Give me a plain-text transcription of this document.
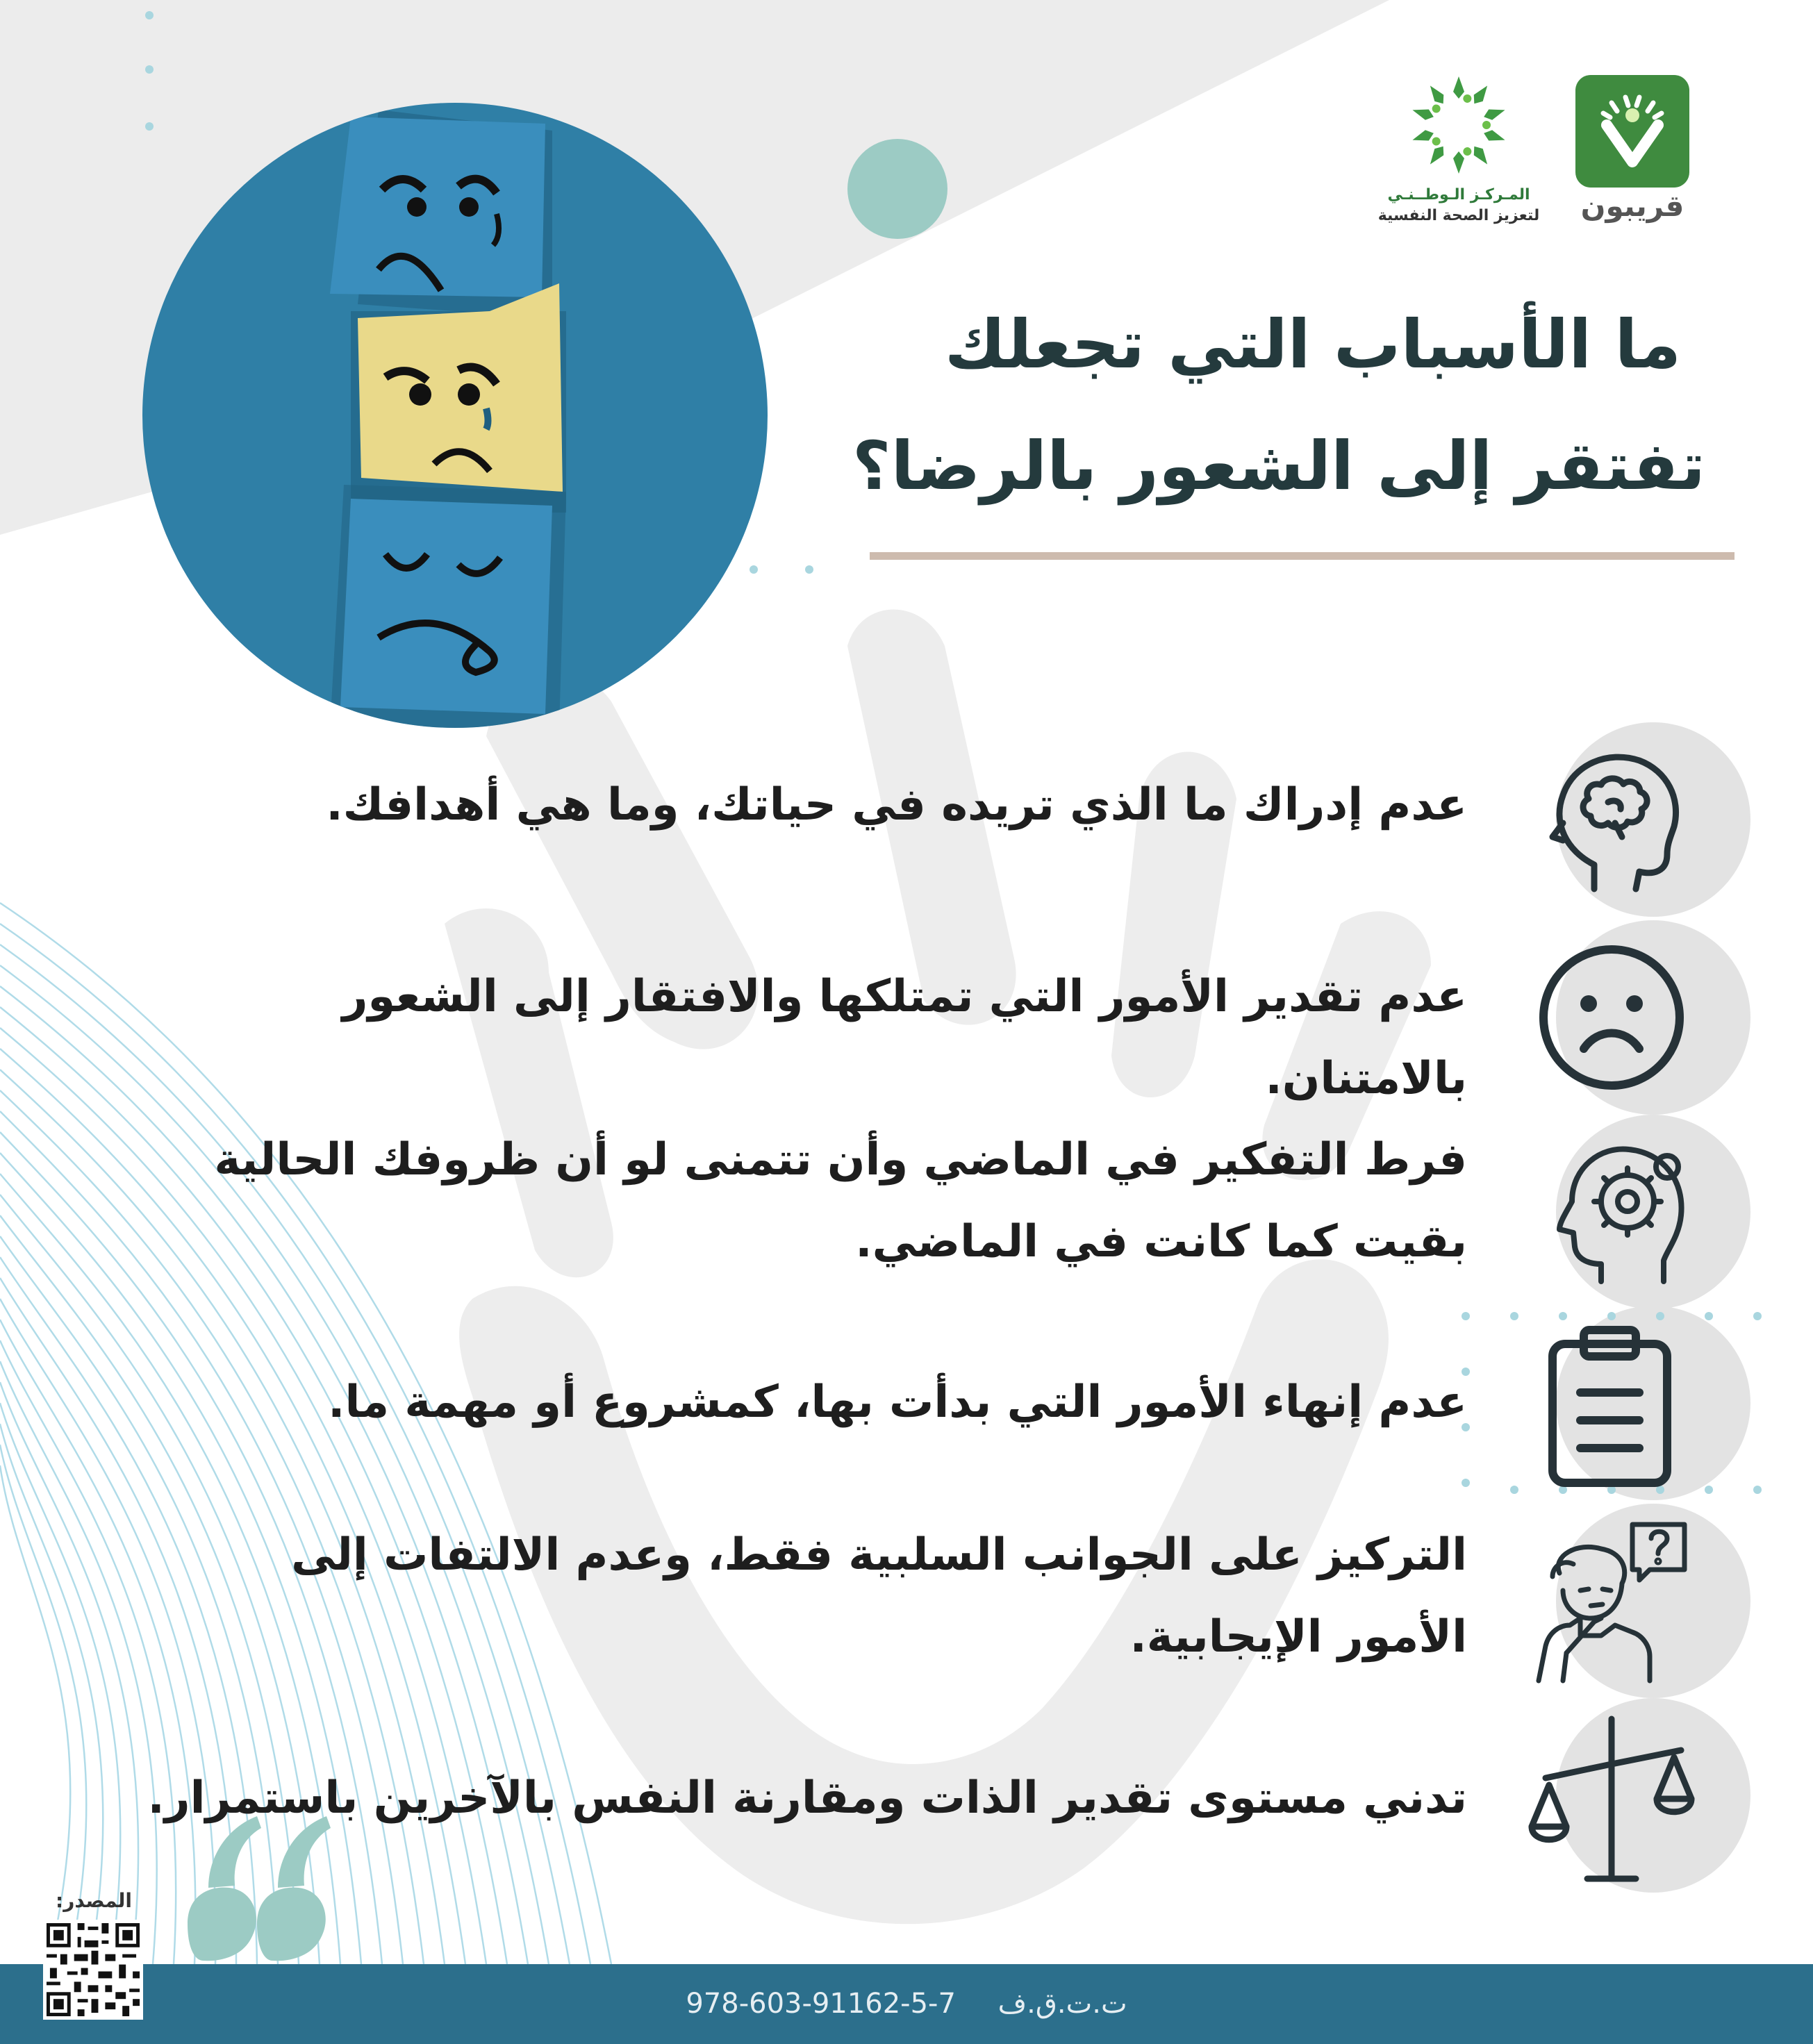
قريبون
المـركـز الـوطــنـي
لتعزيز الصحة النفسية
ما الأسباب التي تجعلك
تفتقر إلى الشعور بالرضا؟
عدم إدراك ما الذي تريده في حياتك، وما هي أهدافك.
عدم تقدير الأمور التي تمتلكها والافتقار إلى الشعور بالامتنان.
فرط التفكير في الماضي وأن تتمنى لو أن ظروفك الحالية بقيت كما كانت في الماضي.
عدم إنهاء الأمور التي بدأت بها، كمشروع أو مهمة ما.
التركيز على الجوانب السلبية فقط، وعدم الالتفات إلى الأمور الإيجابية.
تدني مستوى تقدير الذات ومقارنة النفس بالآخرين باستمرار.
978-603-91162-5-7 ت.ت.ق.ف
المصدر:
